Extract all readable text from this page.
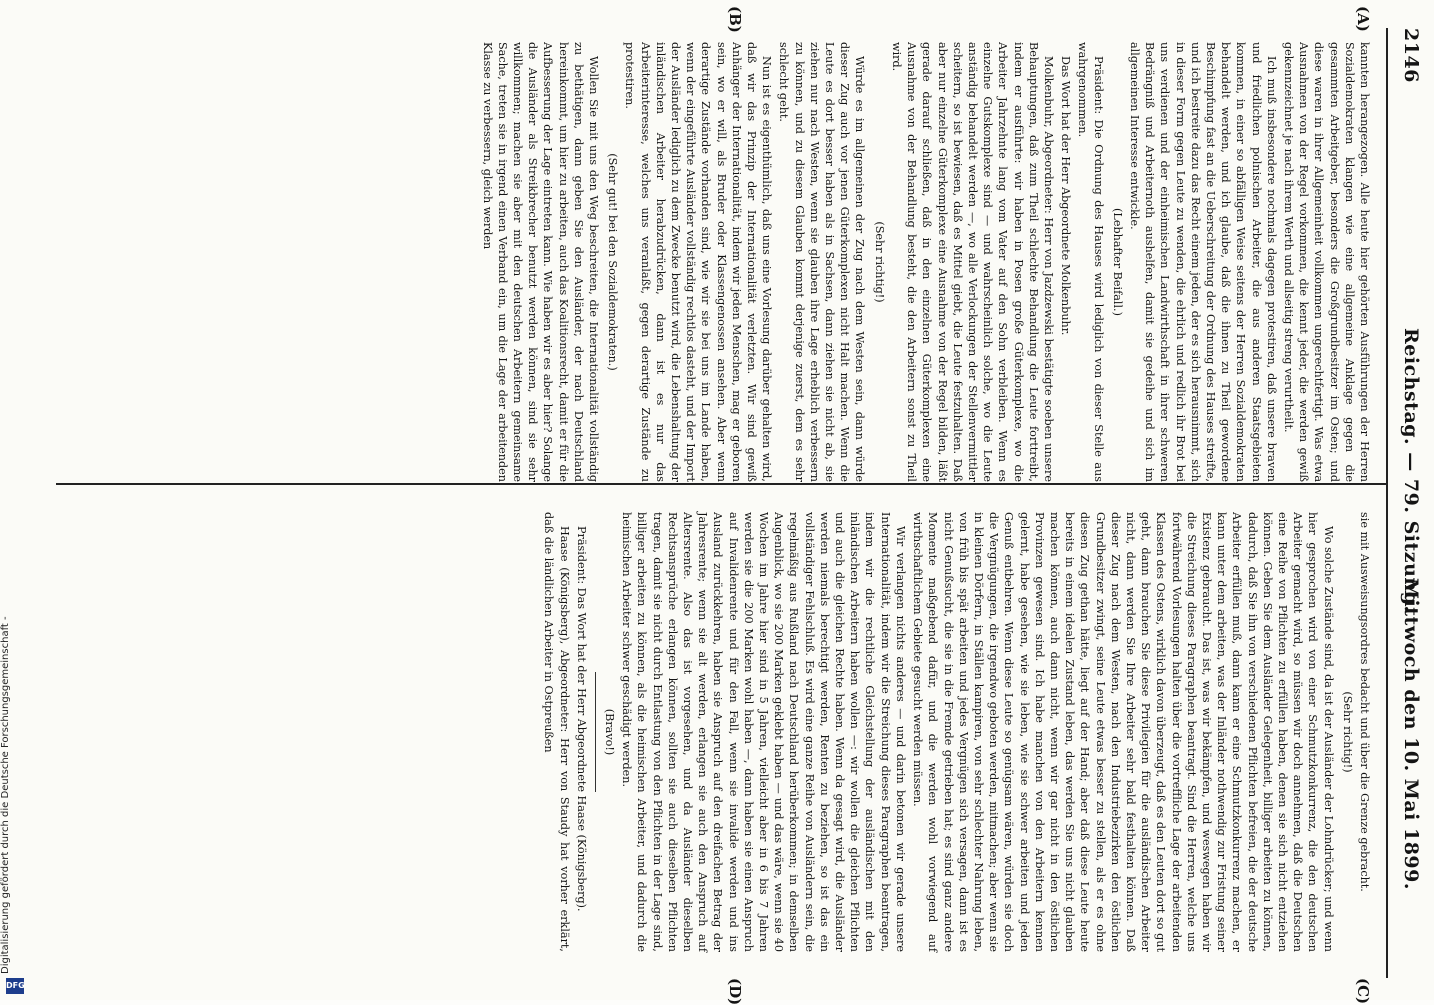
2146
Reichstag. — 79. Sitzung.
Mittwoch den 10. Mai 1899.
(A)
(B)
(C)
(D)

kannten herangezogen. Alle heute hier gehörten Ausführungen der Herren Sozialdemokraten klangen wie eine allgemeine Anklage gegen die gesammten Arbeitgeber, besonders die Großgrundbesitzer im Osten; und diese waren in ihrer Allgemeinheit vollkommen ungerechtfertigt. Was etwa Ausnahmen von der Regel vorkommen, die kennt jeder, die werden gewiß gekennzeichnet je nach ihrem Werth und allseitig streng verurtheilt.

Ich muß insbesondere nochmals dagegen protestiren, daß unsere braven und friedlichen polnischen Arbeiter, die aus anderen Staatsgebieten kommen, in einer so abfälligen Weise seitens der Herren Sozialdemokraten behandelt werden, und ich glaube, daß die ihnen zu Theil gewordene Beschimpfung fast an die Ueberschreitung der Ordnung des Hauses streifte, und ich bestreite dazu das Recht einem jeden, der es sich herausnimmt, sich in dieser Form gegen Leute zu wenden, die ehrlich und redlich ihr Brot bei uns verdienen und der einheimischen Landwirthschaft in ihrer schweren Bedrängniß und Arbeiternoth aushelfen, damit sie gedeihe und sich im allgemeinen Interesse entwickle.

(Lebhafter Beifall.)

Präsident: Die Ordnung des Hauses wird lediglich von dieser Stelle aus wahrgenommen.

Das Wort hat der Herr Abgeordnete Molkenbuhr.

Molkenbuhr, Abgeordneter: Herr von Jazdzewski bestätigte soeben unsere Behauptungen, daß zum Theil schlechte Behandlung die Leute forttreibt, indem er ausführte: wir haben in Posen große Güterkomplexe, wo die Arbeiter Jahrzehnte lang vom Vater auf den Sohn verbleiben. Wenn es einzelne Gutskomplexe sind — und wahrscheinlich solche, wo die Leute anständig behandelt werden —, wo alle Verlockungen der Stellenvermittler scheitern, so ist bewiesen, daß es Mittel giebt, die Leute festzuhalten. Daß aber nur einzelne Güterkomplexe eine Ausnahme von der Regel bilden, läßt gerade darauf schließen, daß in den einzelnen Güterkomplexen eine Ausnahme von der Behandlung besteht, die den Arbeitern sonst zu Theil wird.

(Sehr richtig!)

Würde es im allgemeinen der Zug nach dem Westen sein, dann würde dieser Zug auch vor jenen Güterkomplexen nicht Halt machen. Wenn die Leute es dort besser haben als in Sachsen, dann ziehen sie nicht ab, sie ziehen nur nach Westen, wenn sie glauben ihre Lage erheblich verbessern zu können, und zu diesem Glauben kommt derjenige zuerst, dem es sehr schlecht geht.

Nun ist es eigenthümlich, daß uns eine Vorlesung darüber gehalten wird, daß wir das Prinzip der Internationalität verletzten. Wir sind gewiß Anhänger der Internationalität, indem wir jeden Menschen, mag er geboren sein, wo er will, als Bruder oder Klassengenossen ansehen. Aber wenn derartige Zustände vorhanden sind, wie wir sie bei uns im Lande haben, wenn der eingeführte Ausländer vollständig rechtlos dasteht, und der Import der Ausländer lediglich zu dem Zwecke benutzt wird, die Lebenshaltung der inländischen Arbeiter herabzudrücken, dann ist es nur das Arbeiterinteresse, welches uns veranlaßt, gegen derartige Zustände zu protestiren.

(Sehr gut! bei den Sozialdemokraten.)

Wollen Sie mit uns den Weg beschreiten, die Internationalität vollständig zu bethätigen, dann geben Sie den Ausländer, der nach Deutschland hereinkommt, um hier zu arbeiten, auch das Koalitionsrecht, damit er für die Aufbesserung der Lage eintreten kann. Wie haben wir es aber hier? Solange die Ausländer als Streikbrecher benutzt werden können, sind sie sehr willkommen; machen sie aber mit den deutschen Arbeitern gemeinsame Sache, treten sie in irgend einen Verband ein, um die Lage der arbeitenden Klasse zu verbessern, gleich werden

sie mit Ausweisungsordres bedacht und über die Grenze gebracht.

(Sehr richtig!)

Wo solche Zustände sind, da ist der Ausländer der Lohndrücker; und wenn hier gesprochen wird von einer Schmutzkonkurrenz, die den deutschen Arbeiter gemacht wird, so müssen wir doch annehmen, daß die Deutschen eine Reihe von Pflichten zu erfüllen haben, denen sie sich nicht entziehen können. Geben Sie dem Ausländer Gelegenheit, billiger arbeiten zu können, dadurch, daß Sie ihn von verschiedenen Pflichten befreien, die der deutsche Arbeiter erfüllen muß, dann kann er eine Schmutzkonkurrenz machen, er kann unter dem arbeiten, was der Inländer nothwendig zur Fristung seiner Existenz gebraucht. Das ist, was wir bekämpfen, und weswegen haben wir die Streichung dieses Paragraphen beantragt. Sind die Herren, welche uns fortwährend Vorlesungen halten über die vortreffliche Lage der arbeitenden Klassen des Ostens, wirklich davon überzeugt, daß es den Leuten dort so gut geht, dann brauchen Sie diese Privilegien für die ausländischen Arbeiter nicht, dann werden Sie Ihre Arbeiter sehr bald festhalten können. Daß dieser Zug nach dem Westen, nach den Industriebezirken den östlichen Grundbesitzer zwingt, seine Leute etwas besser zu stellen, als er es ohne diesen Zug gethan hätte, liegt auf der Hand; aber daß diese Leute heute bereits in einem idealen Zustand leben, das werden Sie uns nicht glauben machen können, auch dann nicht, wenn wir gar nicht in den östlichen Provinzen gewesen sind. Ich habe manchen von den Arbeitern kennen gelernt, habe gesehen, wie sie leben, wie sie schwer arbeiten und jeden Genuß entbehren. Wenn diese Leute so genügsam wären, würden sie doch die Vergnügungen, die irgendwo geboten werden, mitmachen; aber wenn sie in kleinen Dörfern, in Ställen kampiren, von sehr schlechter Nahrung leben, von früh bis spät arbeiten und jedes Vergnügen sich versagen, dann ist es nicht Genußsucht, die sie in die Fremde getrieben hat; es sind ganz andere Momente maßgebend dafür, und die werden wohl vorwiegend auf wirthschaftlichem Gebiete gesucht werden müssen.

Wir verlangen nichts anderes — und darin betonen wir gerade unsere Internationalität, indem wir die Streichung dieses Paragraphen beantragen, indem wir die rechtliche Gleichstellung der ausländischen mit den inländischen Arbeitern haben wollen —: wir wollen die gleichen Pflichten und auch die gleichen Rechte haben. Wenn da gesagt wird, die Ausländer werden niemals berechtigt werden, Renten zu beziehen, so ist das ein vollständiger Fehlschluß. Es wird eine ganze Reihe von Ausländern sein, die regelmäßig aus Rußland nach Deutschland herüberkommen; in demselben Augenblick, wo sie 200 Marken geklebt haben — und das wäre, wenn sie 40 Wochen im Jahre hier sind in 5 Jahren, vielleicht aber in 6 bis 7 Jahren werden sie die 200 Marken wohl haben —, dann haben sie einen Anspruch auf Invalidenrente und für den Fall, wenn sie invalide werden und ins Ausland zurückkehren, haben sie Anspruch auf den dreifachen Betrag der Jahresrente; wenn sie alt werden, erlangen sie auch den Anspruch auf Altersrente. Also das ist vorgesehen, und da Ausländer dieselben Rechtsansprüche erlangen können, sollten sie auch dieselben Pflichten tragen, damit sie nicht durch Entlastung von den Pflichten in der Lage sind, billiger arbeiten zu können, als die heimischen Arbeiter, und dadurch die heimischen Arbeiter schwer geschädigt werden.

(Bravo!)

Präsident: Das Wort hat der Herr Abgeordnete Haase (Königsberg).

Haase (Königsberg), Abgeordneter: Herr von Staudy hat vorher erklärt, daß die ländlichen Arbeiter in Ostpreußen

Digitalisierung gefördert durch die Deutsche Forschungsgemeinschaft -
DFG
